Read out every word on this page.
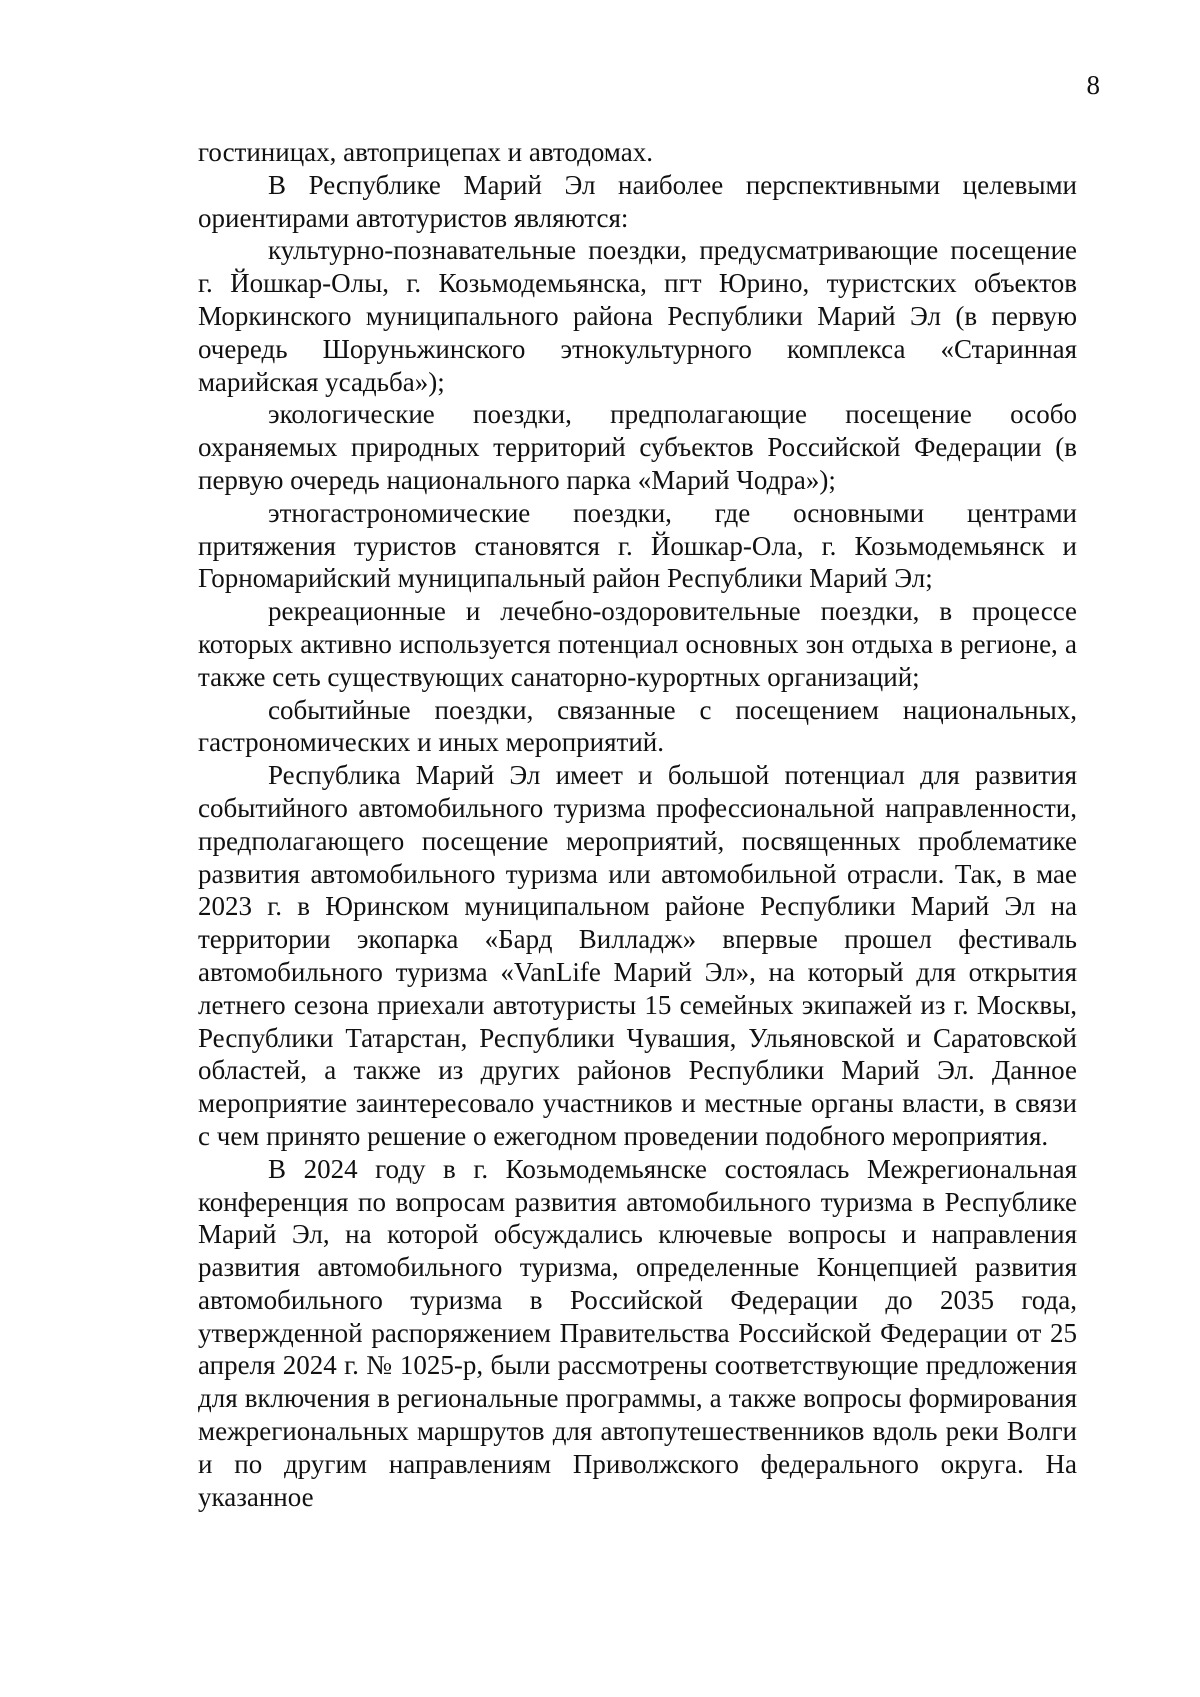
8

гостиницах, автоприцепах и автодомах.

В Республике Марий Эл наиболее перспективными целевыми ориентирами автотуристов являются:

культурно-познавательные поездки, предусматривающие посещение г. Йошкар-Олы, г. Козьмодемьянска, пгт Юрино, туристских объектов Моркинского муниципального района Республики Марий Эл (в первую очередь Шоруньжинского этнокультурного комплекса «Старинная марийская усадьба»);

экологические поездки, предполагающие посещение особо охраняемых природных территорий субъектов Российской Федерации (в первую очередь национального парка «Марий Чодра»);

этногастрономические поездки, где основными центрами притяжения туристов становятся г. Йошкар-Ола, г. Козьмодемьянск и Горномарийский муниципальный район Республики Марий Эл;

рекреационные и лечебно-оздоровительные поездки, в процессе которых активно используется потенциал основных зон отдыха в регионе, а также сеть существующих санаторно-курортных организаций;

событийные поездки, связанные с посещением национальных, гастрономических и иных мероприятий.

Республика Марий Эл имеет и большой потенциал для развития событийного автомобильного туризма профессиональной направленности, предполагающего посещение мероприятий, посвященных проблематике развития автомобильного туризма или автомобильной отрасли. Так, в мае 2023 г. в Юринском муниципальном районе Республики Марий Эл на территории экопарка «Бард Вилладж» впервые прошел фестиваль автомобильного туризма «VanLife Марий Эл», на который для открытия летнего сезона приехали автотуристы 15 семейных экипажей из г. Москвы, Республики Татарстан, Республики Чувашия, Ульяновской и Саратовской областей, а также из других районов Республики Марий Эл. Данное мероприятие заинтересовало участников и местные органы власти, в связи с чем принято решение о ежегодном проведении подобного мероприятия.

В 2024 году в г. Козьмодемьянске состоялась Межрегиональная конференция по вопросам развития автомобильного туризма в Республике Марий Эл, на которой обсуждались ключевые вопросы и направления развития автомобильного туризма, определенные Концепцией развития автомобильного туризма в Российской Федерации до 2035 года, утвержденной распоряжением Правительства Российской Федерации от 25 апреля 2024 г. № 1025-р, были рассмотрены соответствующие предложения для включения в региональные программы, а также вопросы формирования межрегиональных маршрутов для автопутешественников вдоль реки Волги и по другим направлениям Приволжского федерального округа. На указанное
